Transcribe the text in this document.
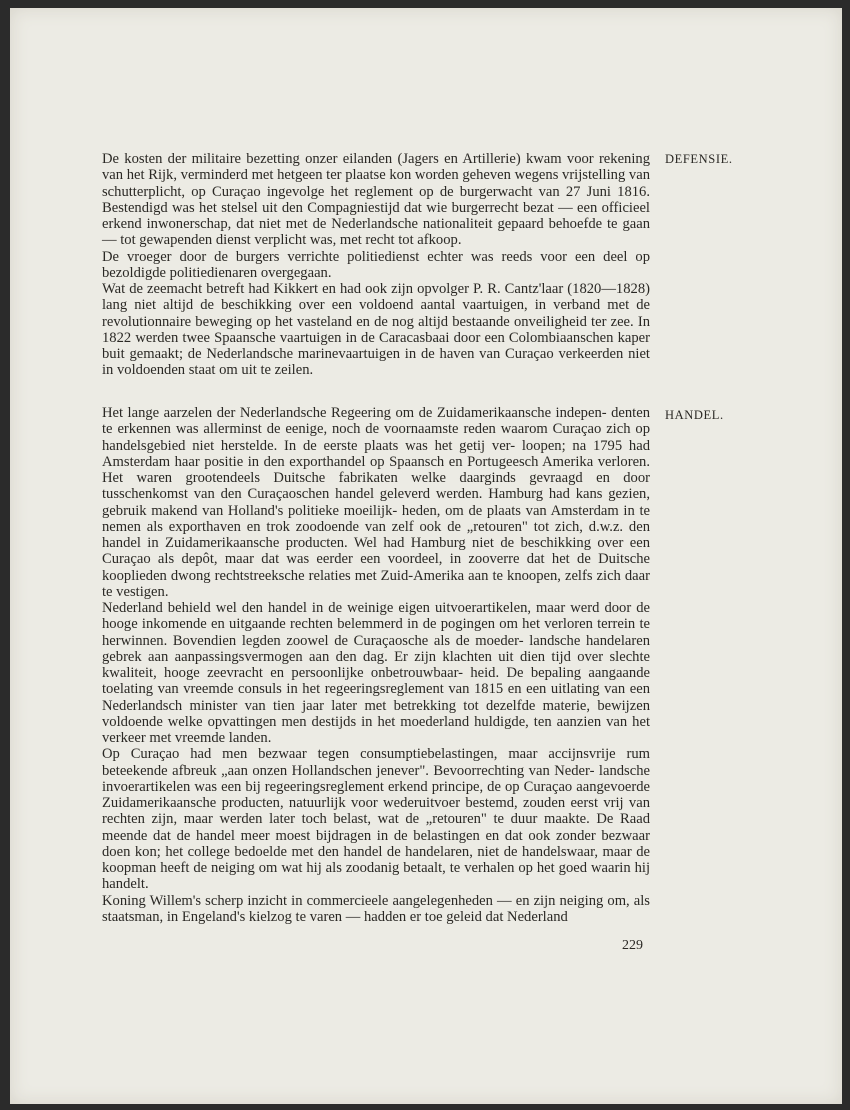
De kosten der militaire bezetting onzer eilanden (Jagers en Artillerie) kwam voor rekening van het Rijk, verminderd met hetgeen ter plaatse kon worden geheven wegens vrijstelling van schutterplicht, op Curaçao ingevolge het reglement op de burgerwacht van 27 Juni 1816. Bestendigd was het stelsel uit den Compagniestijd dat wie burgerrecht bezat — een officieel erkend inwonerschap, dat niet met de Nederlandsche nationaliteit gepaard behoefde te gaan — tot gewapenden dienst verplicht was, met recht tot afkoop.

De vroeger door de burgers verrichte politiedienst echter was reeds voor een deel op bezoldigde politiedienaren overgegaan.

Wat de zeemacht betreft had Kikkert en had ook zijn opvolger P. R. Cantz'laar (1820—1828) lang niet altijd de beschikking over een voldoend aantal vaartuigen, in verband met de revolutionnaire beweging op het vasteland en de nog altijd bestaande onveiligheid ter zee. In 1822 werden twee Spaansche vaartuigen in de Caracasbaai door een Colombiaanschen kaper buit gemaakt; de Nederlandsche marinevaartuigen in de haven van Curaçao verkeerden niet in voldoenden staat om uit te zeilen.

DEFENSIE.

Het lange aarzelen der Nederlandsche Regeering om de Zuidamerikaansche indepen- denten te erkennen was allerminst de eenige, noch de voornaamste reden waarom Curaçao zich op handelsgebied niet herstelde. In de eerste plaats was het getij ver- loopen; na 1795 had Amsterdam haar positie in den exporthandel op Spaansch en Portugeesch Amerika verloren. Het waren grootendeels Duitsche fabrikaten welke daarginds gevraagd en door tusschenkomst van den Curaçaoschen handel geleverd werden. Hamburg had kans gezien, gebruik makend van Holland's politieke moeilijk- heden, om de plaats van Amsterdam in te nemen als exporthaven en trok zoodoende van zelf ook de „retouren" tot zich, d.w.z. den handel in Zuidamerikaansche producten. Wel had Hamburg niet de beschikking over een Curaçao als depôt, maar dat was eerder een voordeel, in zooverre dat het de Duitsche kooplieden dwong rechtstreeksche relaties met Zuid-Amerika aan te knoopen, zelfs zich daar te vestigen.

Nederland behield wel den handel in de weinige eigen uitvoerartikelen, maar werd door de hooge inkomende en uitgaande rechten belemmerd in de pogingen om het verloren terrein te herwinnen. Bovendien legden zoowel de Curaçaosche als de moeder- landsche handelaren gebrek aan aanpassingsvermogen aan den dag. Er zijn klachten uit dien tijd over slechte kwaliteit, hooge zeevracht en persoonlijke onbetrouwbaar- heid. De bepaling aangaande toelating van vreemde consuls in het regeeringsreglement van 1815 en een uitlating van een Nederlandsch minister van tien jaar later met betrekking tot dezelfde materie, bewijzen voldoende welke opvattingen men destijds in het moederland huldigde, ten aanzien van het verkeer met vreemde landen.

Op Curaçao had men bezwaar tegen consumptiebelastingen, maar accijnsvrije rum beteekende afbreuk „aan onzen Hollandschen jenever". Bevoorrechting van Neder- landsche invoerartikelen was een bij regeeringsreglement erkend principe, de op Curaçao aangevoerde Zuidamerikaansche producten, natuurlijk voor wederuitvoer bestemd, zouden eerst vrij van rechten zijn, maar werden later toch belast, wat de „retouren" te duur maakte. De Raad meende dat de handel meer moest bijdragen in de belastingen en dat ook zonder bezwaar doen kon; het college bedoelde met den handel de handelaren, niet de handelswaar, maar de koopman heeft de neiging om wat hij als zoodanig betaalt, te verhalen op het goed waarin hij handelt.

Koning Willem's scherp inzicht in commercieele aangelegenheden — en zijn neiging om, als staatsman, in Engeland's kielzog te varen — hadden er toe geleid dat Nederland

HANDEL.
229
